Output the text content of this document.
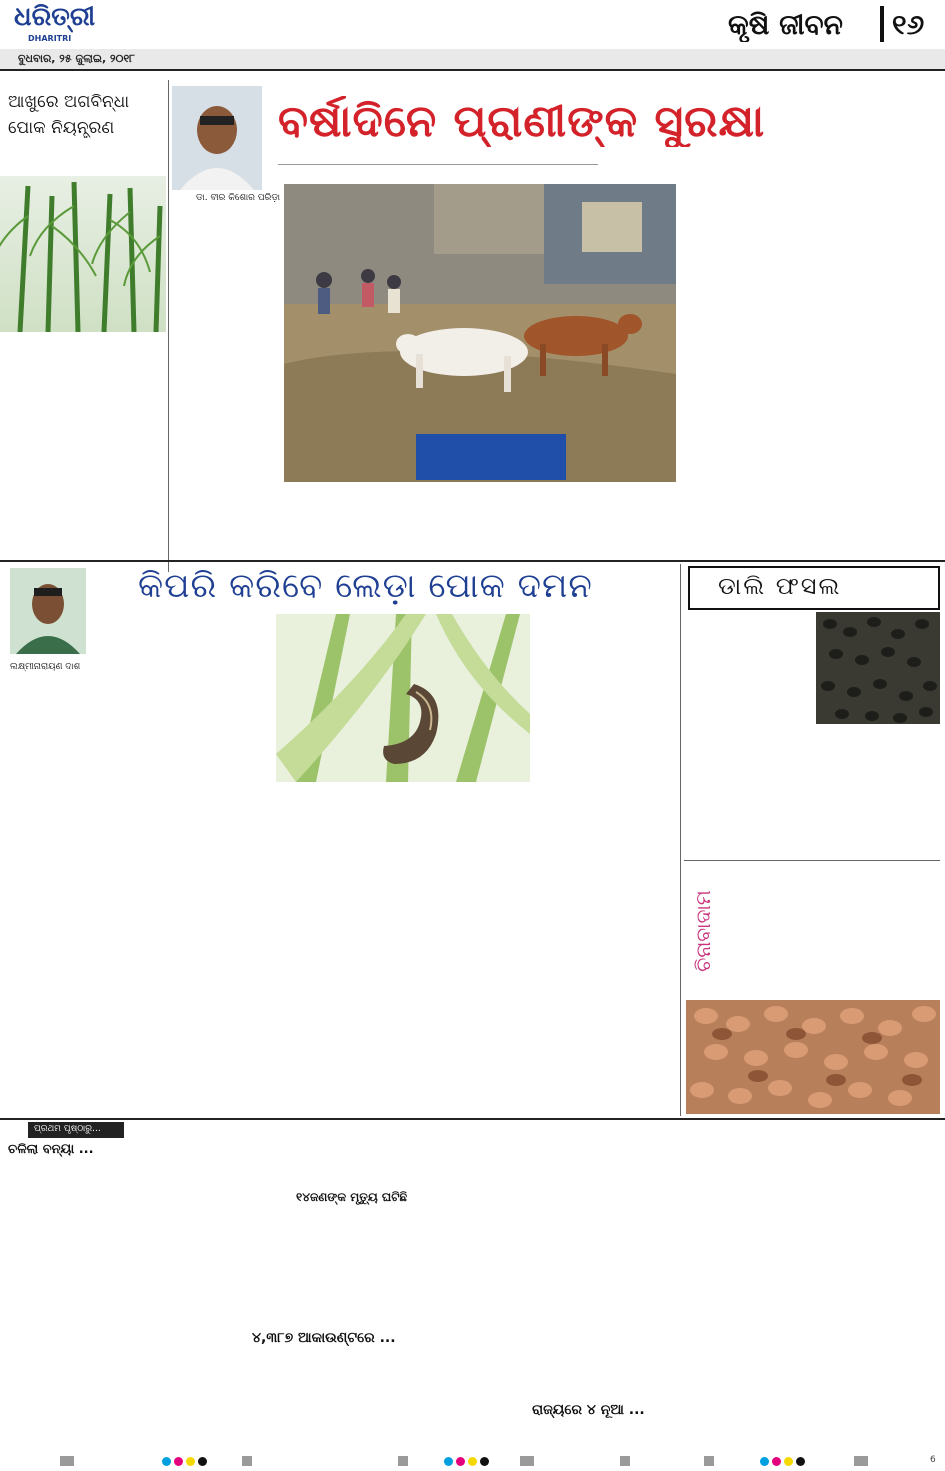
ଧରିତ୍ରୀ
DHARITRI	କୃଷି ଜୀବନ ୧୬
ବୁଧବାର, ୨୫ ଜୁଲାଇ, ୨୦୧୮
ଆଖୁରେ ଅଗବିନ୍ଧା
ପୋକ ନିୟନ୍ତ୍ରଣ
ଡା. ବୀର କିଶୋର ପରିଡ଼ା
ବର୍ଷାଦିନେ ପ୍ରାଣୀଙ୍କ ସୁରକ୍ଷା
ଲକ୍ଷ୍ମୀନାରାୟଣ ଦାଶ
କିପରି କରିବେ ଲେଡ଼ା ପୋକ ଦମନ	ଡାଲି ଫସଲ
ଚିନାବାଦାମ
ପ୍ରଥମ ପୃଷ୍ଠାରୁ...
ଚଳିଲା ବନ୍ୟା ...
୧୪ଜଣଙ୍କ ମୃତ୍ୟୁ ଘଟିଛି
୪,୩୮୭ ଆକାଉଣ୍ଟରେ ...
ରାଜ୍ୟରେ ୪ ନୂଆ ...
6
